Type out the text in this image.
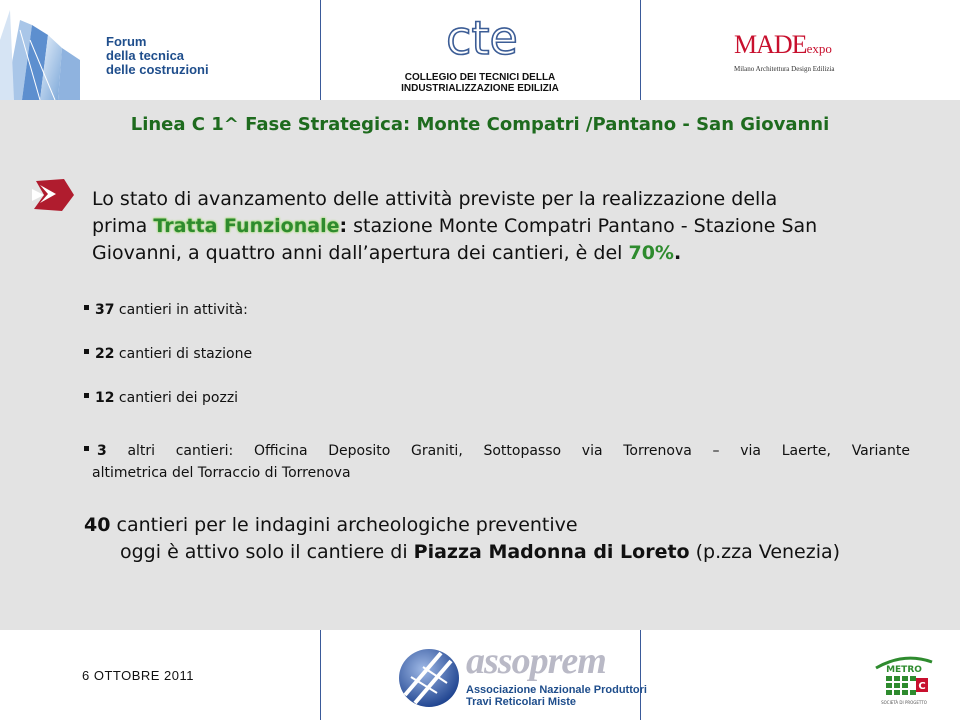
Forum
della tecnica
delle costruzioni
cte
COLLEGIO DEI TECNICI DELLA
INDUSTRIALIZZAZIONE EDILIZIA
MADEexpo
Milano Architettura Design Edilizia
Linea C 1^ Fase Strategica: Monte Compatri /Pantano - San Giovanni
Lo stato di avanzamento delle attività previste per la realizzazione della
prima Tratta Funzionale: stazione Monte Compatri Pantano - Stazione San
Giovanni, a quattro anni dall’apertura dei cantieri, è del 70%.
37 cantieri in attività:
22 cantieri di stazione
12 cantieri dei pozzi
3 altri cantieri: Officina Deposito Graniti, Sottopasso via Torrenova – via Laerte, Variante
altimetrica del Torraccio di Torrenova
40 cantieri per le indagini archeologiche preventive
oggi è attivo solo il cantiere di Piazza Madonna di Loreto (p.zza Venezia)
6 OTTOBRE 2011	assoprem
Associazione Nazionale Produttori
Travi Reticolari Miste
METRO
C
SOCIETÀ DI PROGETTO
